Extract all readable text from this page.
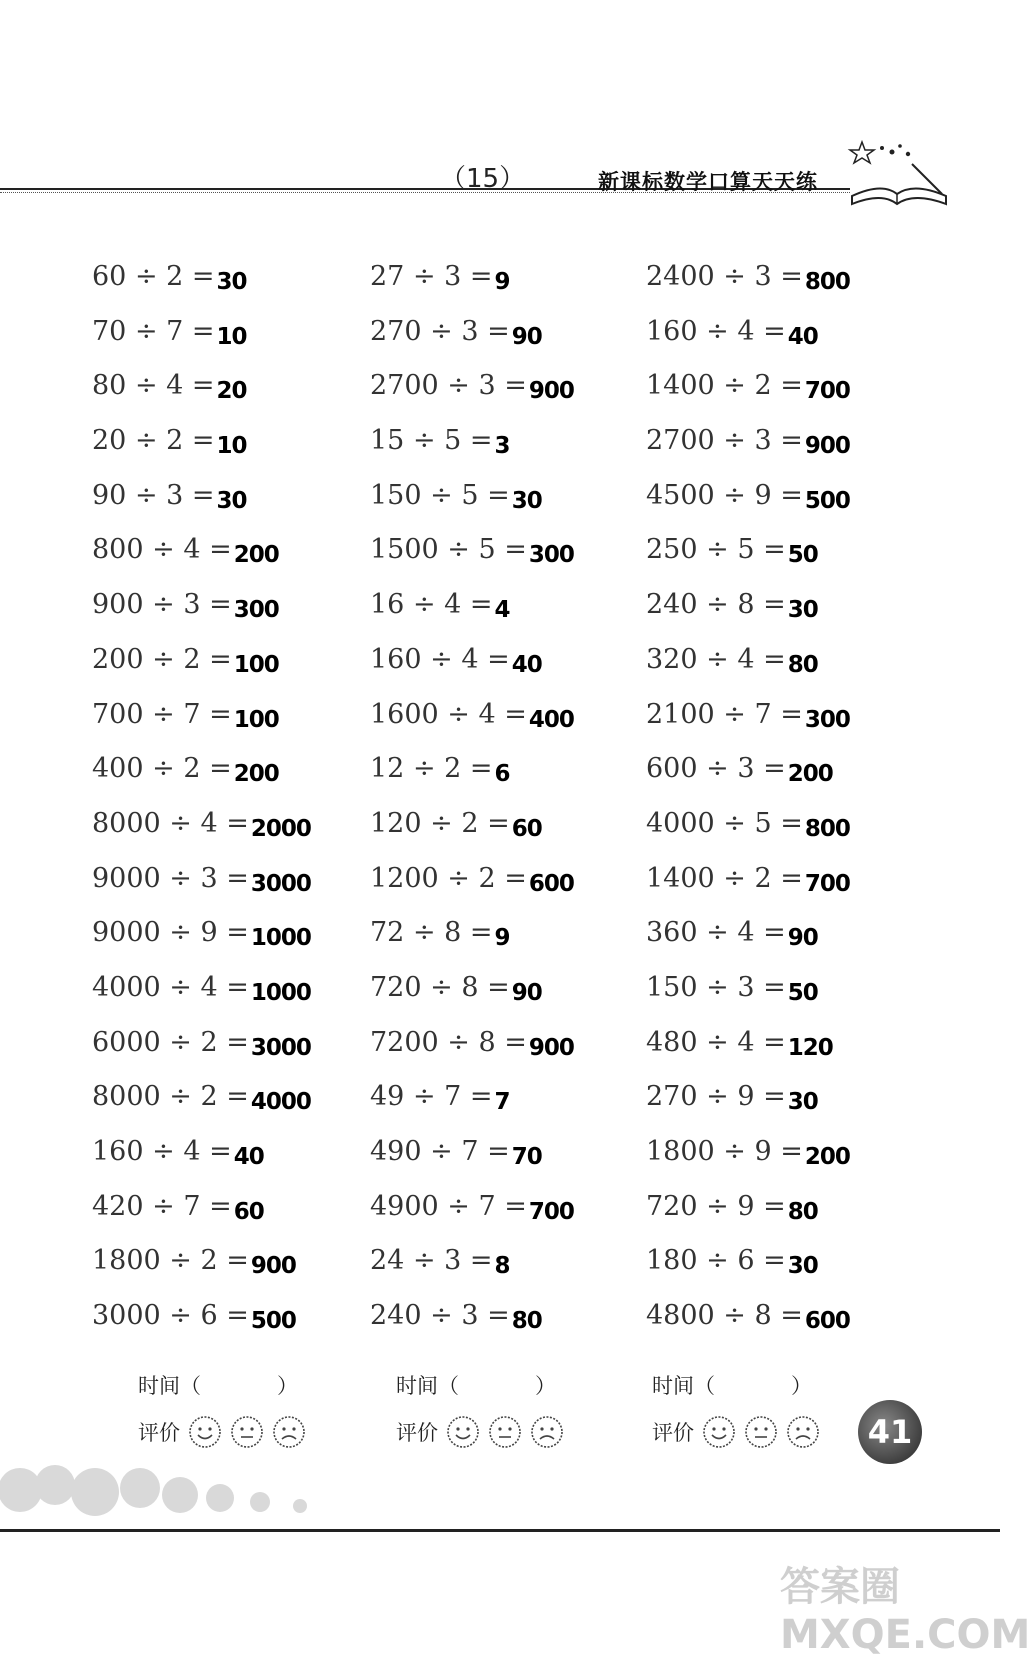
（15）	新课标数学口算天天练
60 ÷ 2 =30
70 ÷ 7 =10
80 ÷ 4 =20
20 ÷ 2 =10
90 ÷ 3 =30
800 ÷ 4 =200
900 ÷ 3 =300
200 ÷ 2 =100
700 ÷ 7 =100
400 ÷ 2 =200
8000 ÷ 4 =2000
9000 ÷ 3 =3000
9000 ÷ 9 =1000
4000 ÷ 4 =1000
6000 ÷ 2 =3000
8000 ÷ 2 =4000
160 ÷ 4 =40
420 ÷ 7 =60
1800 ÷ 2 =900
3000 ÷ 6 =500
27 ÷ 3 =9
270 ÷ 3 =90
2700 ÷ 3 =900
15 ÷ 5 =3
150 ÷ 5 =30
1500 ÷ 5 =300
16 ÷ 4 =4
160 ÷ 4 =40
1600 ÷ 4 =400
12 ÷ 2 =6
120 ÷ 2 =60
1200 ÷ 2 =600
72 ÷ 8 =9
720 ÷ 8 =90
7200 ÷ 8 =900
49 ÷ 7 =7
490 ÷ 7 =70
4900 ÷ 7 =700
24 ÷ 3 =8
240 ÷ 3 =80
2400 ÷ 3 =800
160 ÷ 4 =40
1400 ÷ 2 =700
2700 ÷ 3 =900
4500 ÷ 9 =500
250 ÷ 5 =50
240 ÷ 8 =30
320 ÷ 4 =80
2100 ÷ 7 =300
600 ÷ 3 =200
4000 ÷ 5 =800
1400 ÷ 2 =700
360 ÷ 4 =90
150 ÷ 3 =50
480 ÷ 4 =120
270 ÷ 9 =30
1800 ÷ 9 =200
720 ÷ 9 =80
180 ÷ 6 =30
4800 ÷ 8 =600
时间（	）
评价
时间（	）
评价
时间（	）
评价	41
答案圈 MXQE.COM
